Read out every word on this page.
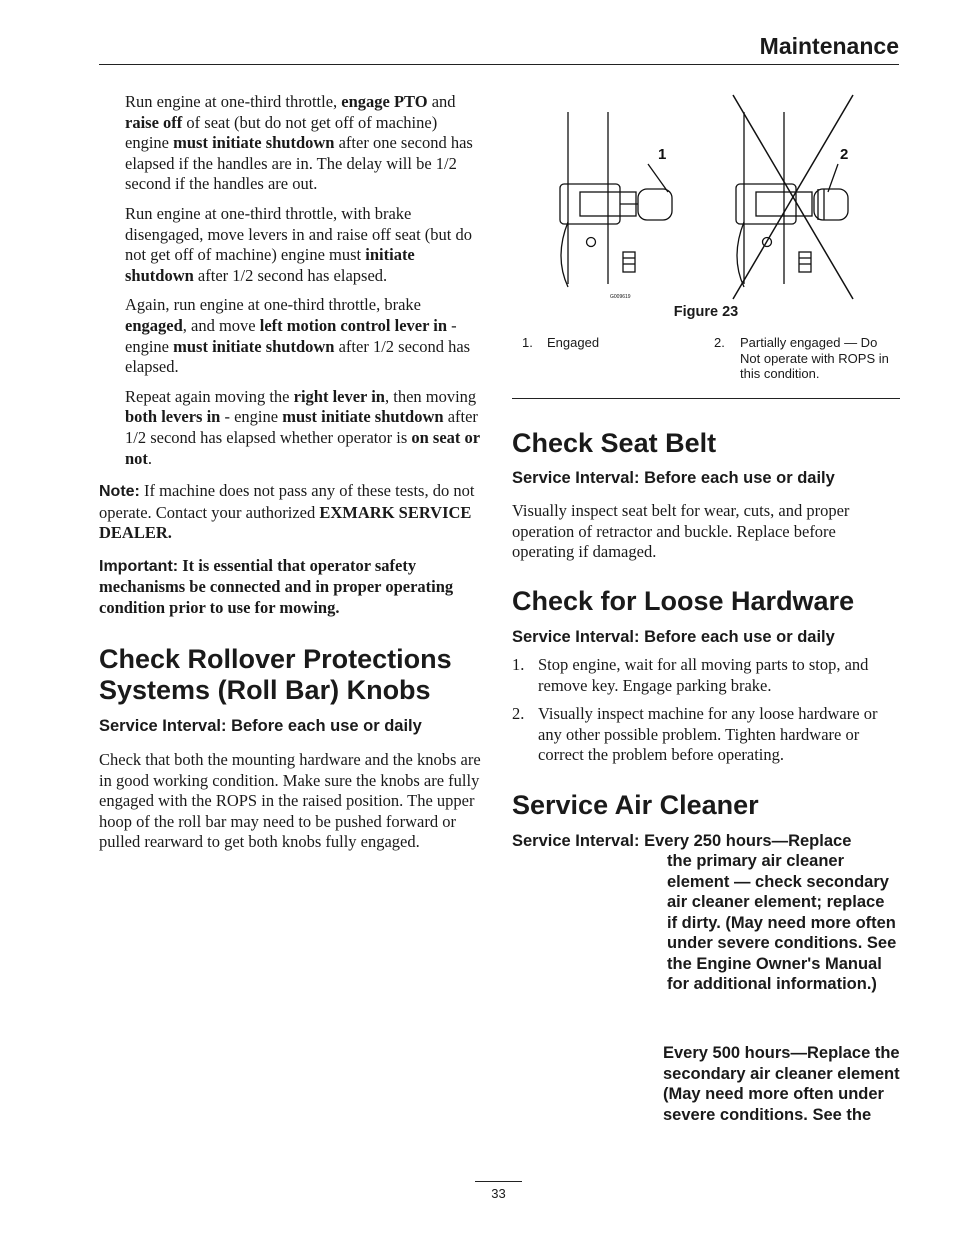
Maintenance

Run engine at one-third throttle, engage PTO and raise off of seat (but do not get off of machine) engine must initiate shutdown after one second has elapsed if the handles are in. The delay will be 1/2 second if the handles are out.

Run engine at one-third throttle, with brake disengaged, move levers in and raise off seat (but do not get off of machine) engine must initiate shutdown after 1/2 second has elapsed.

Again, run engine at one-third throttle, brake engaged, and move left motion control lever in - engine must initiate shutdown after 1/2 second has elapsed.

Repeat again moving the right lever in, then moving both levers in - engine must initiate shutdown after 1/2 second has elapsed whether operator is on seat or not.

Note: If machine does not pass any of these tests, do not operate. Contact your authorized EXMARK SERVICE DEALER.

Important: It is essential that operator safety mechanisms be connected and in proper operating condition prior to use for mowing.

Check Rollover Protections Systems (Roll Bar) Knobs
Service Interval: Before each use or daily

Check that both the mounting hardware and the knobs are in good working condition. Make sure the knobs are fully engaged with the ROPS in the raised position. The upper hoop of the roll bar may need to be pushed forward or pulled rearward to get both knobs fully engaged.

1	2
G009619
Figure 23
1. Engaged	2.	Partially engaged — Do Not operate with ROPS in this condition.
Check Seat Belt
Service Interval: Before each use or daily

Visually inspect seat belt for wear, cuts, and proper operation of retractor and buckle. Replace before operating if damaged.

Check for Loose Hardware
Service Interval: Before each use or daily
1. Stop engine, wait for all moving parts to stop, and remove key. Engage parking brake.
2. Visually inspect machine for any loose hardware or any other possible problem. Tighten hardware or correct the problem before operating.
Service Air Cleaner
Service Interval: Every 250 hours—Replace
the primary air cleaner element — check secondary air cleaner element; replace if dirty. (May need more often under severe conditions. See the Engine Owner's Manual for additional information.)
Every 500 hours—Replace the secondary air cleaner element (May need more often under severe conditions. See the
33
